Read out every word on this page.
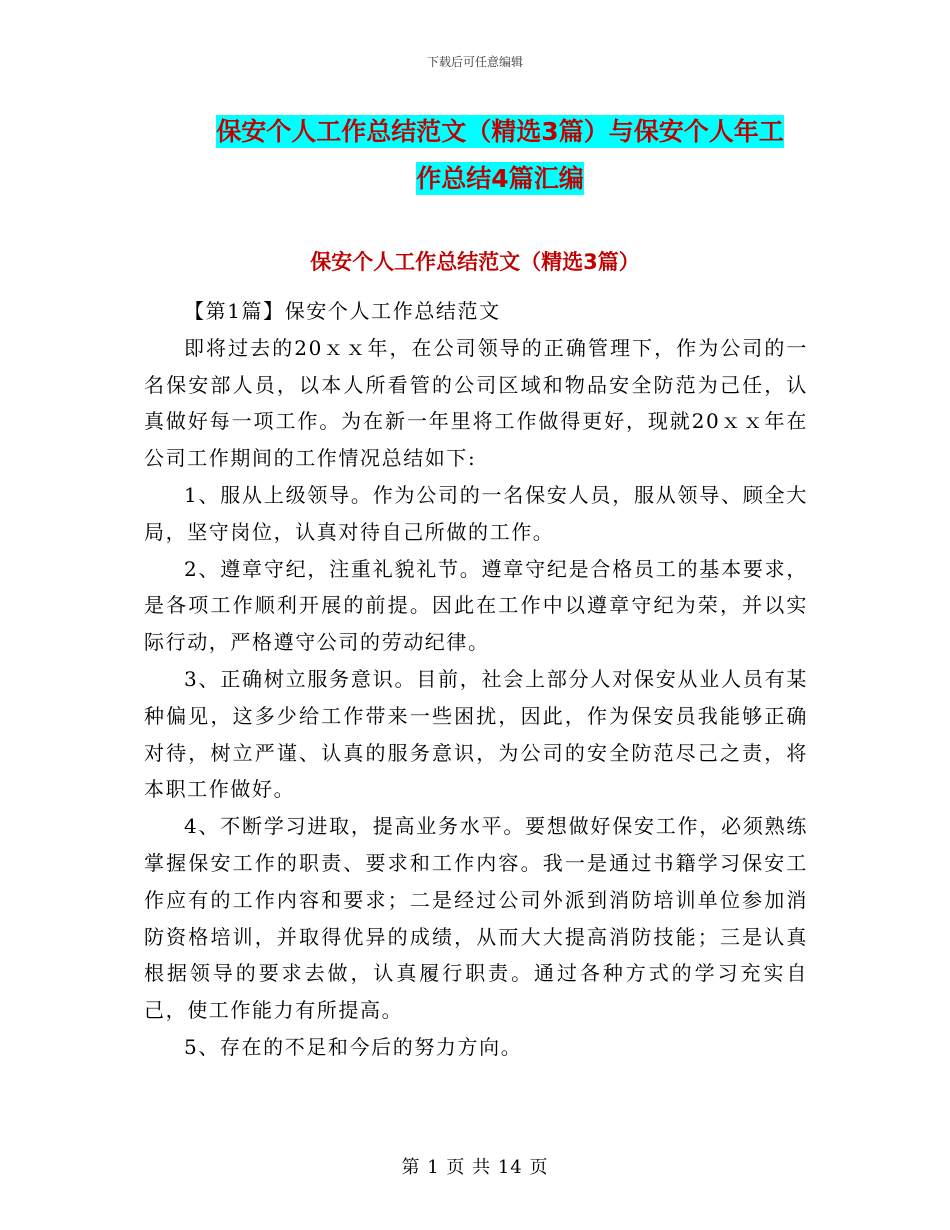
下载后可任意编辑
保安个人工作总结范文（精选3篇）与保安个人年工
作总结4篇汇编
保安个人工作总结范文（精选3篇）

【第1篇】保安个人工作总结范文

即将过去的20ｘｘ年，在公司领导的正确管理下，作为公司的一名保安部人员，以本人所看管的公司区域和物品安全防范为己任，认真做好每一项工作。为在新一年里将工作做得更好，现就20ｘｘ年在公司工作期间的工作情况总结如下:

1、服从上级领导。作为公司的一名保安人员，服从领导、顾全大局，坚守岗位，认真对待自己所做的工作。

2、遵章守纪，注重礼貌礼节。遵章守纪是合格员工的基本要求，是各项工作顺利开展的前提。因此在工作中以遵章守纪为荣，并以实际行动，严格遵守公司的劳动纪律。

3、正确树立服务意识。目前，社会上部分人对保安从业人员有某种偏见，这多少给工作带来一些困扰，因此，作为保安员我能够正确对待，树立严谨、认真的服务意识，为公司的安全防范尽己之责，将本职工作做好。

4、不断学习进取，提高业务水平。要想做好保安工作，必须熟练掌握保安工作的职责、要求和工作内容。我一是通过书籍学习保安工作应有的工作内容和要求；二是经过公司外派到消防培训单位参加消防资格培训，并取得优异的成绩，从而大大提高消防技能；三是认真根据领导的要求去做，认真履行职责。通过各种方式的学习充实自己，使工作能力有所提高。

5、存在的不足和今后的努力方向。

第 1 页 共 14 页
